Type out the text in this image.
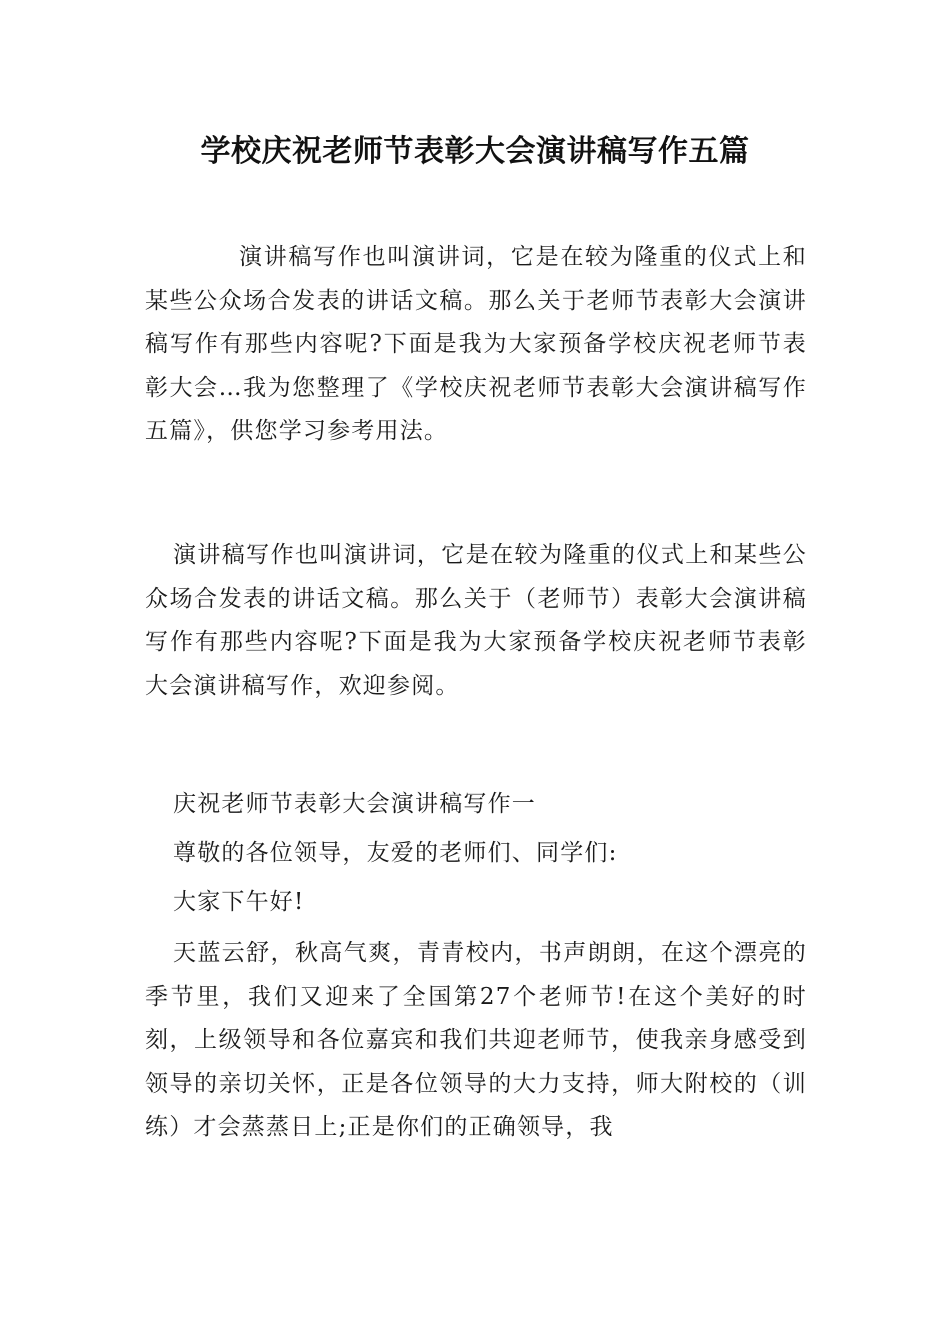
学校庆祝老师节表彰大会演讲稿写作五篇
演讲稿写作也叫演讲词，它是在较为隆重的仪式上和某些公众场合发表的讲话文稿。那么关于老师节表彰大会演讲稿写作有那些内容呢?下面是我为大家预备学校庆祝老师节表彰大会…我为您整理了《学校庆祝老师节表彰大会演讲稿写作五篇》，供您学习参考用法。
演讲稿写作也叫演讲词，它是在较为隆重的仪式上和某些公众场合发表的讲话文稿。那么关于（老师节）表彰大会演讲稿写作有那些内容呢?下面是我为大家预备学校庆祝老师节表彰大会演讲稿写作，欢迎参阅。
庆祝老师节表彰大会演讲稿写作一
尊敬的各位领导，友爱的老师们、同学们:
大家下午好!
天蓝云舒，秋高气爽，青青校内，书声朗朗，在这个漂亮的季节里，我们又迎来了全国第27个老师节!在这个美好的时刻，上级领导和各位嘉宾和我们共迎老师节，使我亲身感受到领导的亲切关怀，正是各位领导的大力支持，师大附校的（训练）才会蒸蒸日上;正是你们的正确领导，我
